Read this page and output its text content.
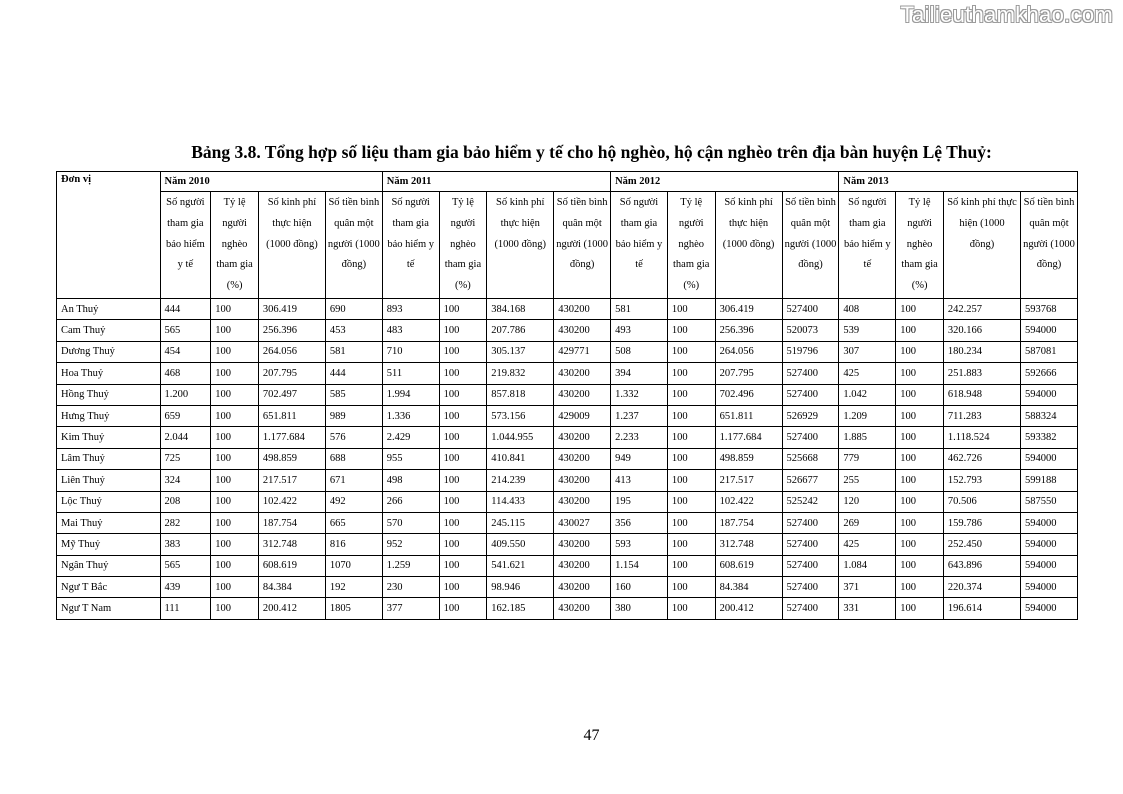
Tailieuthamkhao.com
Bảng 3.8. Tổng hợp số liệu tham gia bảo hiểm y tế cho hộ nghèo, hộ cận nghèo trên địa bàn huyện Lệ Thuỷ:
Đơn vị	Năm 2010				Năm 2011				Năm 2012				Năm 2013			
	Số người tham gia bảo hiểm y tế	Tỷ lệ người nghèo tham gia (%)	Số kinh phí thực hiện (1000 đồng)	Số tiền bình quân một người (1000 đồng)	Số người tham gia bảo hiểm y tế	Tỷ lệ người nghèo tham gia (%)	Số kinh phí thực hiện (1000 đồng)	Số tiền bình quân một người (1000 đồng)	Số người tham gia bảo hiểm y tế	Tỷ lệ người nghèo tham gia (%)	Số kinh phí thực hiện (1000 đồng)	Số tiền bình quân một người (1000 đồng)	Số người tham gia bảo hiểm y tế	Tỷ lệ người nghèo tham gia (%)	Số kinh phí thực hiện (1000 đồng)	Số tiền bình quân một người (1000 đồng)
An Thuỷ	444	100	306.419	690	893	100	384.168	430200	581	100	306.419	527400	408	100	242.257	593768
Cam Thuỷ	565	100	256.396	453	483	100	207.786	430200	493	100	256.396	520073	539	100	320.166	594000
Dương Thuỷ	454	100	264.056	581	710	100	305.137	429771	508	100	264.056	519796	307	100	180.234	587081
Hoa Thuỷ	468	100	207.795	444	511	100	219.832	430200	394	100	207.795	527400	425	100	251.883	592666
Hồng Thuỷ	1.200	100	702.497	585	1.994	100	857.818	430200	1.332	100	702.496	527400	1.042	100	618.948	594000
Hưng Thuỷ	659	100	651.811	989	1.336	100	573.156	429009	1.237	100	651.811	526929	1.209	100	711.283	588324
Kim Thuỷ	2.044	100	1.177.684	576	2.429	100	1.044.955	430200	2.233	100	1.177.684	527400	1.885	100	1.118.524	593382
Lâm Thuỷ	725	100	498.859	688	955	100	410.841	430200	949	100	498.859	525668	779	100	462.726	594000
Liên Thuỷ	324	100	217.517	671	498	100	214.239	430200	413	100	217.517	526677	255	100	152.793	599188
Lộc Thuỷ	208	100	102.422	492	266	100	114.433	430200	195	100	102.422	525242	120	100	70.506	587550
Mai Thuỷ	282	100	187.754	665	570	100	245.115	430027	356	100	187.754	527400	269	100	159.786	594000
Mỹ Thuỷ	383	100	312.748	816	952	100	409.550	430200	593	100	312.748	527400	425	100	252.450	594000
Ngân Thuỷ	565	100	608.619	1070	1.259	100	541.621	430200	1.154	100	608.619	527400	1.084	100	643.896	594000
Ngư T Bắc	439	100	84.384	192	230	100	98.946	430200	160	100	84.384	527400	371	100	220.374	594000
Ngư T Nam	111	100	200.412	1805	377	100	162.185	430200	380	100	200.412	527400	331	100	196.614	594000
47
